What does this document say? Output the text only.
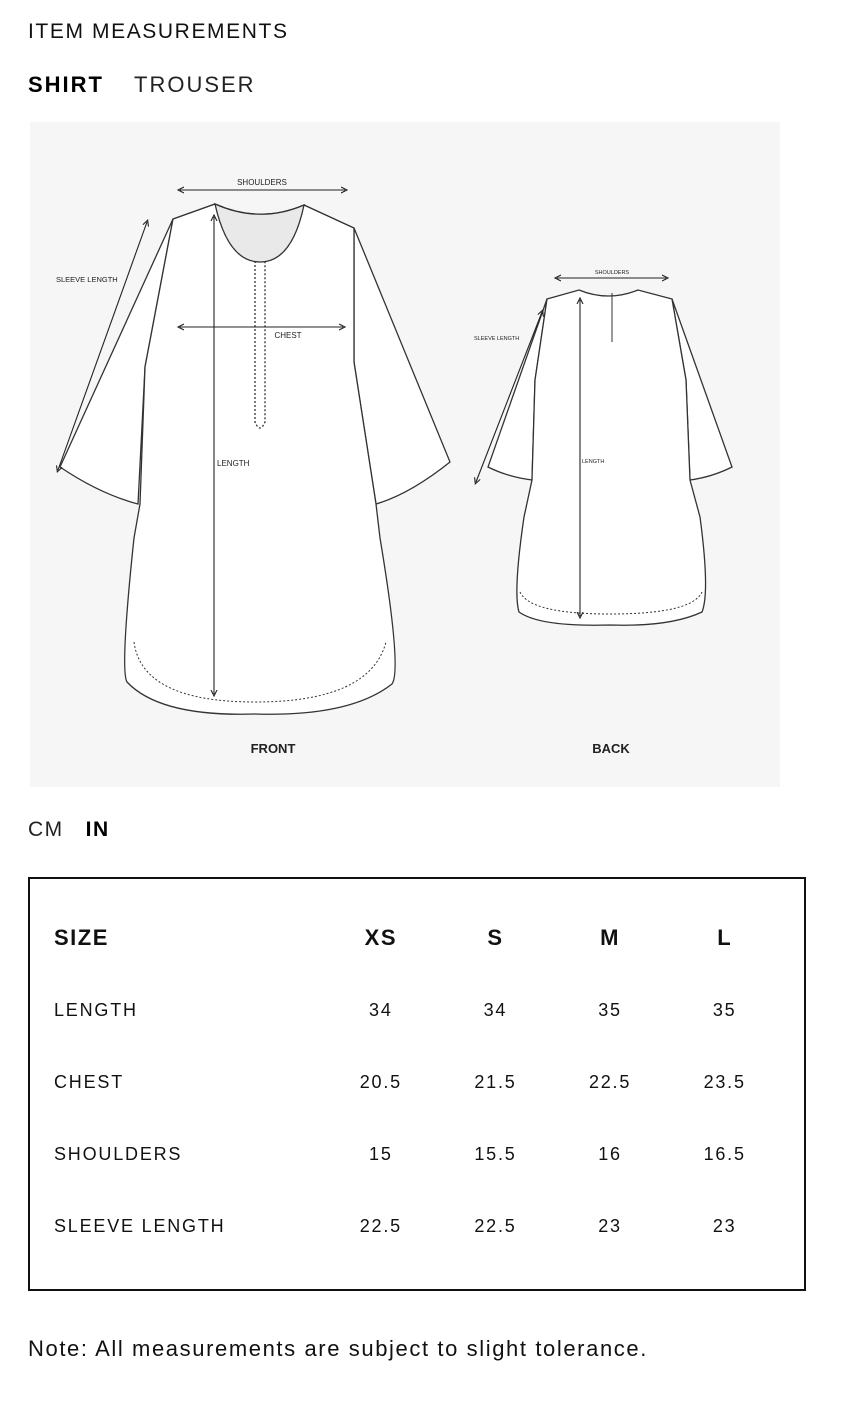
ITEM MEASUREMENTS
SHIRT TROUSER
SHOULDERS
SLEEVE LENGTH
CHEST
LENGTH
FRONT
SHOULDERS
SLEEVE LENGTH
LENGTH
BACK
CM IN
SIZE	XS	S	M	L
LENGTH	34	34	35	35
CHEST	20.5	21.5	22.5	23.5
SHOULDERS	15	15.5	16	16.5
SLEEVE LENGTH	22.5	22.5	23	23
Note: All measurements are subject to slight tolerance.
